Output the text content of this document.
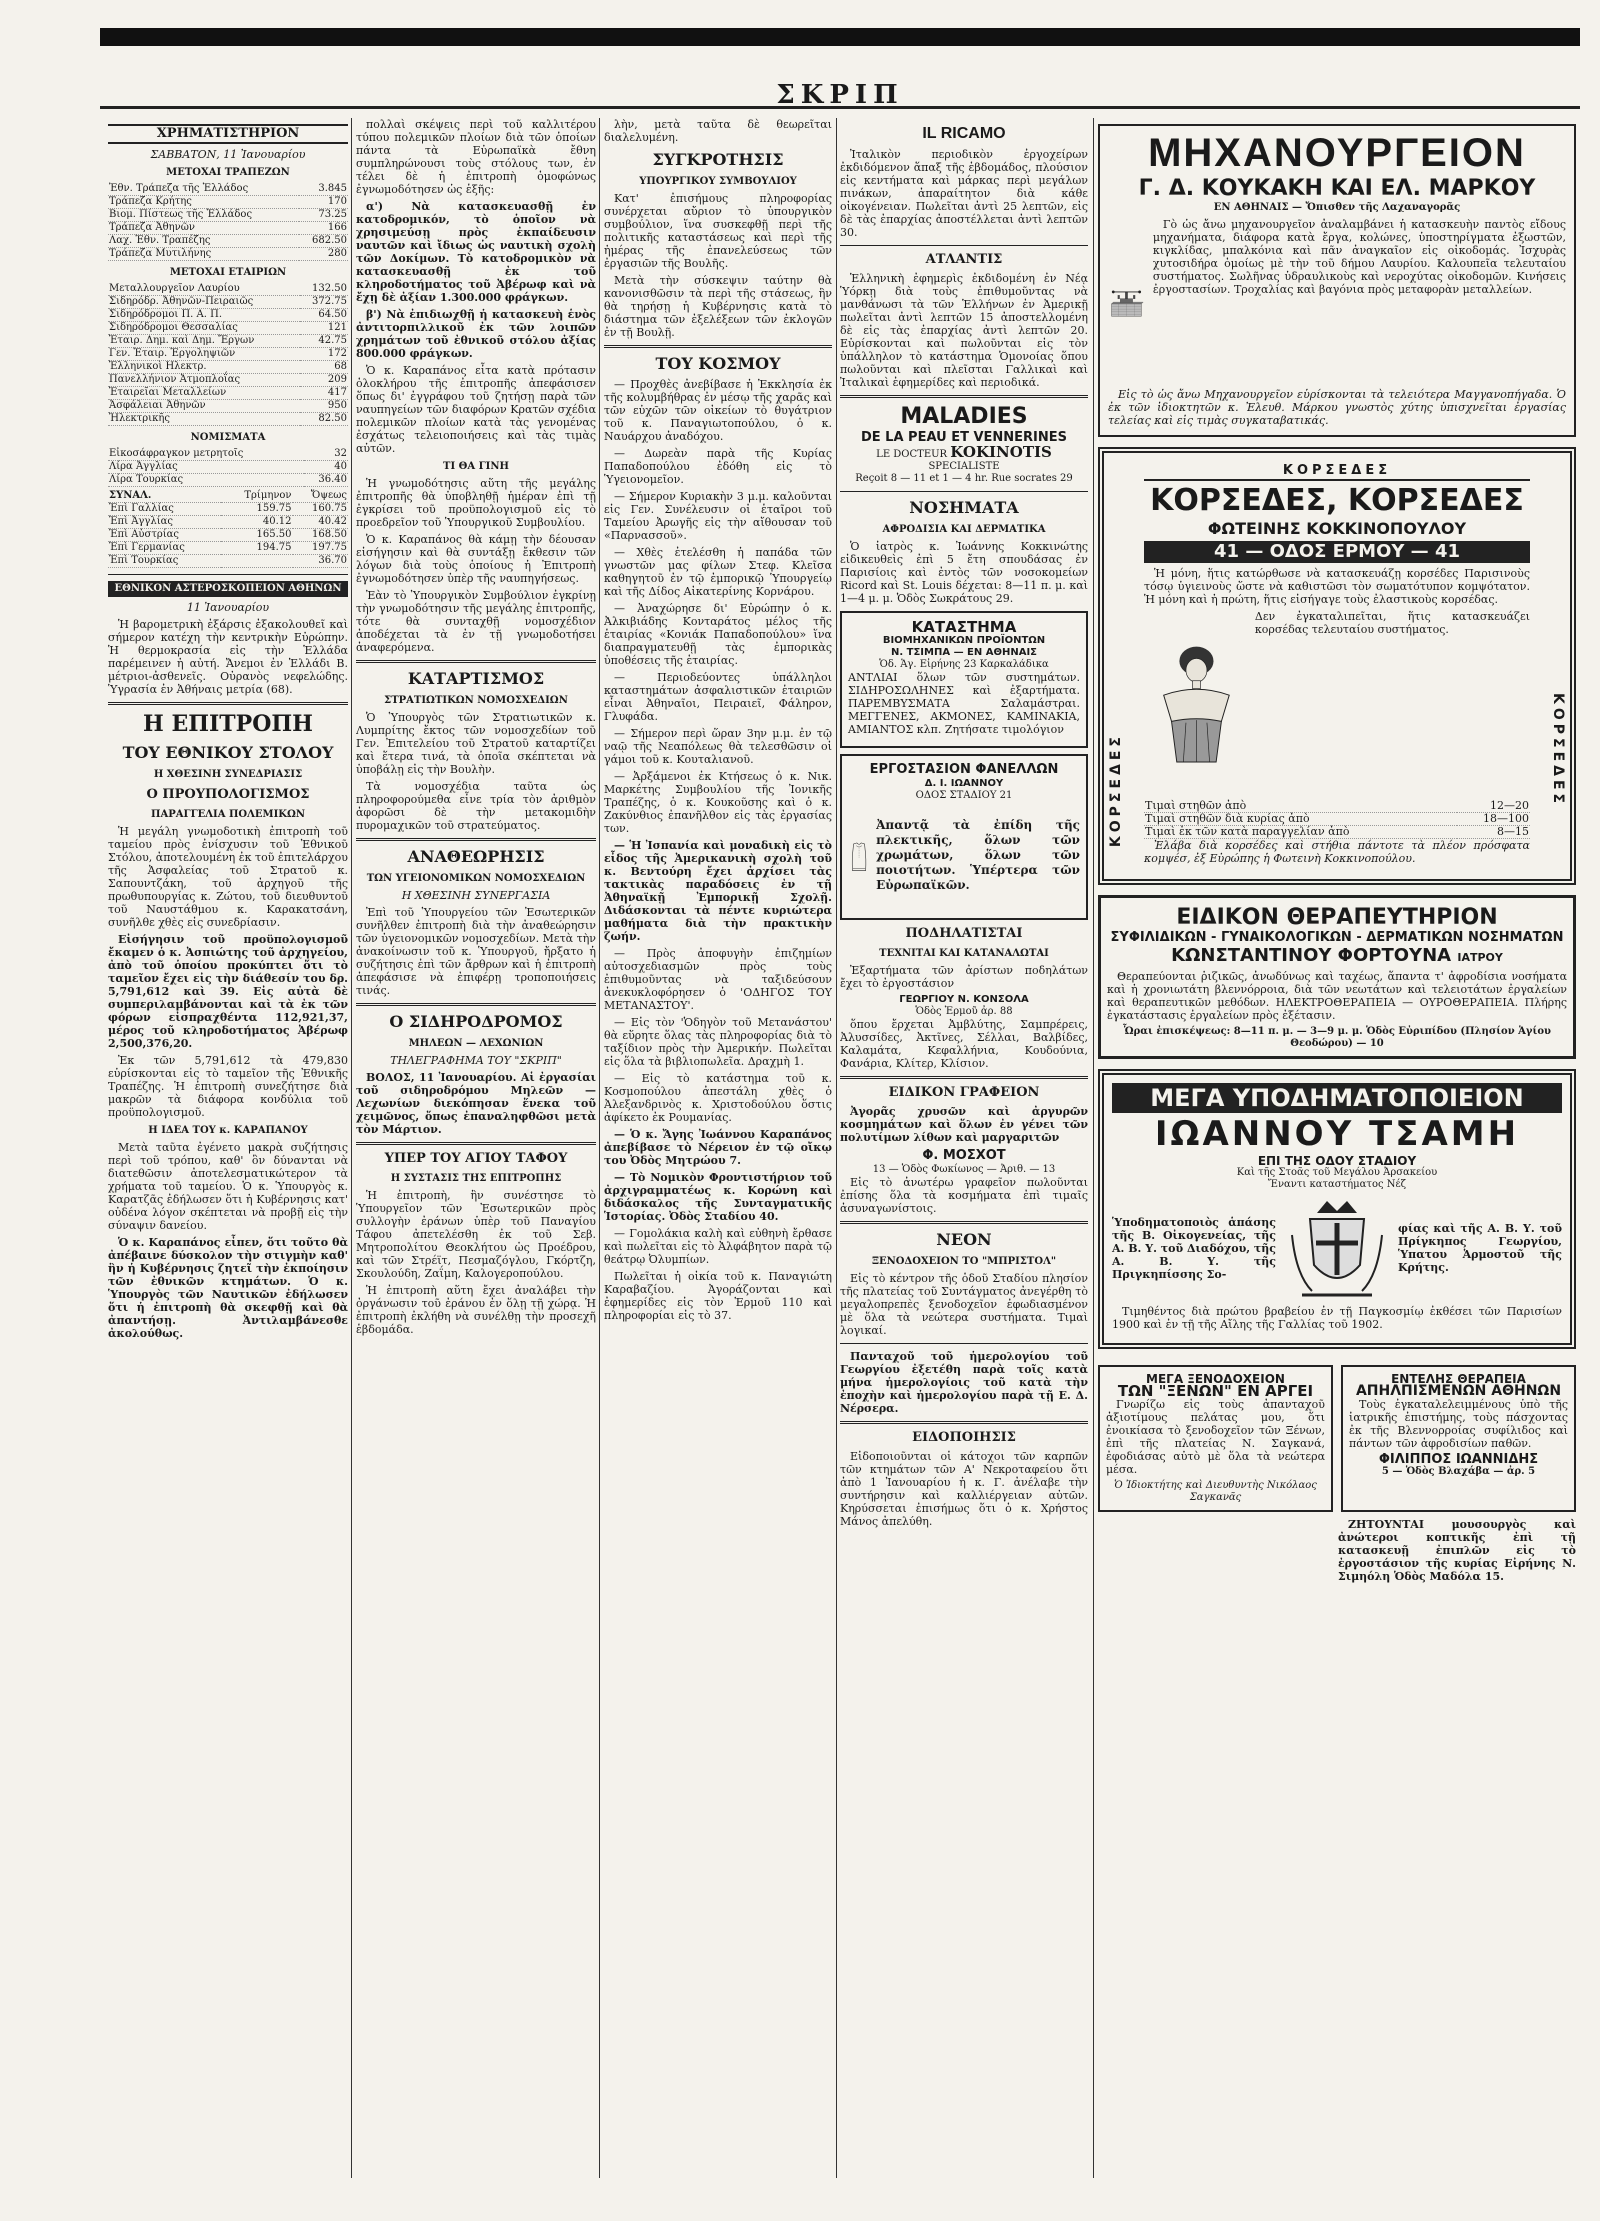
ΣΚΡΙΠ
ΧΡΗΜΑΤΙΣΤΗΡΙΟΝ
ΣΑΒΒΑΤΟΝ, 11 Ἰανουαρίου
ΜΕΤΟΧΑΙ ΤΡΑΠΕΖΩΝ
Ἐθν. Τράπεζα τῆς Ἑλλάδος	3.845
Τράπεζα Κρήτης	170
Βιομ. Πίστεως τῆς Ἑλλάδος	73.25
Τράπεζα Ἀθηνῶν	166
Λαχ. Ἐθν. Τραπέζης	682.50
Τράπεζα Μυτιλήνης	280
ΜΕΤΟΧΑΙ ΕΤΑΙΡΙΩΝ
Μεταλλουργεῖον Λαυρίου	132.50
Σιδηρόδρ. Ἀθηνῶν-Πειραιῶς	372.75
Σιδηρόδρομοι Π. Α. Π.	64.50
Σιδηρόδρομοι Θεσσαλίας	121
Ἑταιρ. Δημ. καὶ Δημ. Ἔργων	42.75
Γεν. Ἑταιρ. Ἐργοληψιῶν	172
Ἑλληνικοὶ Ηλεκτρ.	68
Πανελλήνιον Ἀτμοπλοΐας	209
Ἑταιρεῖαι Μεταλλείων	417
Ἀσφάλειαι Ἀθηνῶν	950
Ἠλεκτρικῆς	82.50
ΝΟΜΙΣΜΑΤΑ
Εἰκοσάφραγκον μετρητοῖς	32
Λίρα Ἀγγλίας	40
Λίρα Τουρκίας	36.40
ΣΥΝΑΛ.	Τρίμηνον	Ὄψεως
Ἐπὶ Γαλλίας	159.75	160.75
Ἐπὶ Ἀγγλίας	40.12	40.42
Ἐπὶ Αὐστρίας	165.50	168.50
Ἐπὶ Γερμανίας	194.75	197.75
Ἐπὶ Τουρκίας		36.70
ΕΘΝΙΚΟΝ ΑΣΤΕΡΟΣΚΟΠΕΙΟΝ ΑΘΗΝΩΝ
11 Ἰανουαρίου

Ἡ βαρομετρικὴ ἐξάρσις ἐξακολουθεῖ καὶ σήμερον κατέχη τὴν κεντρικὴν Εὐρώπην. Ἡ θερμοκρασία εἰς τὴν Ἑλλάδα παρέμεινεν ἡ αὐτή. Ἄνεμοι ἐν Ἑλλάδι Β. μέτριοι-ἀσθενεῖς. Οὐρανὸς νεφελώδης. Ὑγρασία ἐν Ἀθήναις μετρία (68).

Η ΕΠΙΤΡΟΠΗ
ΤΟΥ ΕΘΝΙΚΟΥ ΣΤΟΛΟΥ
Η ΧΘΕΣΙΝΗ ΣΥΝΕΔΡΙΑΣΙΣ
Ο ΠΡΟΥΠΟΛΟΓΙΣΜΟΣ
ΠΑΡΑΓΓΕΛΙΑ ΠΟΛΕΜΙΚΩΝ

Ἡ μεγάλη γνωμοδοτικὴ ἐπιτροπὴ τοῦ ταμείου πρὸς ἐνίσχυσιν τοῦ Ἐθνικοῦ Στόλου, ἀποτελουμένη ἐκ τοῦ ἐπιτελάρχου τῆς Ἀσφαλείας τοῦ Στρατοῦ κ. Σαπουντζάκη, τοῦ ἀρχηγοῦ τῆς πρωθυπουργίας κ. Ζώτου, τοῦ διευθυντοῦ τοῦ Ναυστάθμου κ. Καρακατσάνη, συνῆλθε χθὲς εἰς συνεδρίασιν.

Εἰσήγησιν τοῦ προϋπολογισμοῦ ἔκαμεν ὁ κ. Ἀσπιώτης τοῦ ἀρχηγείου, ἀπὸ τοῦ ὁποίου προκύπτει ὅτι τὸ ταμεῖον ἔχει εἰς τὴν διάθεσίν του δρ. 5,791,612 καὶ 39. Εἰς αὐτὰ δὲ συμπεριλαμβάνονται καὶ τὰ ἐκ τῶν φόρων εἰσπραχθέντα 112,921,37, μέρος τοῦ κληροδοτήματος Ἀβέρωφ 2,500,376,20.

Ἐκ τῶν 5,791,612 τὰ 479,830 εὑρίσκονται εἰς τὸ ταμεῖον τῆς Ἐθνικῆς Τραπέζης. Ἡ ἐπιτροπὴ συνεζήτησε διὰ μακρῶν τὰ διάφορα κονδύλια τοῦ προϋπολογισμοῦ.

Η ΙΔΕΑ ΤΟΥ κ. ΚΑΡΑΠΑΝΟΥ

Μετὰ ταῦτα ἐγένετο μακρὰ συζήτησις περὶ τοῦ τρόπου, καθ' ὃν δύνανται νὰ διατεθῶσιν ἀποτελεσματικώτερον τὰ χρήματα τοῦ ταμείου. Ὁ κ. Ὑπουργὸς κ. Καρατζᾶς ἐδήλωσεν ὅτι ἡ Κυβέρνησις κατ' οὐδένα λόγον σκέπτεται νὰ προβῇ εἰς τὴν σύναψιν δανείου.

Ὁ κ. Καραπάνος εἶπεν, ὅτι τοῦτο θὰ ἀπέβαινε δύσκολον τὴν στιγμὴν καθ' ἣν ἡ Κυβέρνησις ζητεῖ τὴν ἐκποίησιν τῶν ἐθνικῶν κτημάτων. Ὁ κ. Ὑπουργὸς τῶν Ναυτικῶν ἐδήλωσεν ὅτι ἡ ἐπιτροπὴ θὰ σκεφθῇ καὶ θὰ ἀπαντήσῃ. Ἀντιλαμβάνεσθε ἀκολούθως.

πολλαὶ σκέψεις περὶ τοῦ καλλιτέρου τύπου πολεμικῶν πλοίων διὰ τῶν ὁποίων πάντα τὰ Εὐρωπαϊκὰ ἔθνη συμπληρώνουσι τοὺς στόλους των, ἐν τέλει δὲ ἡ ἐπιτροπὴ ὁμοφώνως ἐγνωμοδότησεν ὡς ἑξῆς:

α') Νὰ κατασκευασθῇ ἐν κατοδρομικόν, τὸ ὁποῖον νὰ χρησιμεύσῃ πρὸς ἐκπαίδευσιν ναυτῶν καὶ ἴδιως ὡς ναυτικὴ σχολὴ τῶν Δοκίμων. Τὸ κατοδρομικὸν νὰ κατασκευασθῇ ἐκ τοῦ κληροδοτήματος τοῦ Ἀβέρωφ καὶ νὰ ἔχῃ δὲ ἀξίαν 1.300.000 φράγκων.

β') Νὰ ἐπιδιωχθῇ ἡ κατασκευὴ ἑνὸς ἀντιτορπιλλικοῦ ἐκ τῶν λοιπῶν χρημάτων τοῦ ἐθνικοῦ στόλου ἀξίας 800.000 φράγκων.

Ὁ κ. Καραπάνος εἶτα κατὰ πρότασιν ὁλοκλήρου τῆς ἐπιτροπῆς ἀπεφάσισεν ὅπως δι' ἐγγράφου τοῦ ζητήσῃ παρὰ τῶν ναυπηγείων τῶν διαφόρων Κρατῶν σχέδια πολεμικῶν πλοίων κατὰ τὰς γενομένας ἐσχάτως τελειοποιήσεις καὶ τὰς τιμὰς αὐτῶν.

ΤΙ ΘΑ ΓΙΝΗ

Ἡ γνωμοδότησις αὕτη τῆς μεγάλης ἐπιτροπῆς θὰ ὑποβληθῇ ἡμέραν ἐπὶ τῇ ἐγκρίσει τοῦ προϋπολογισμοῦ εἰς τὸ προεδρεῖον τοῦ Ὑπουργικοῦ Συμβουλίου.

Ὁ κ. Καραπάνος θὰ κάμῃ τὴν δέουσαν εἰσήγησιν καὶ θὰ συντάξῃ ἔκθεσιν τῶν λόγων διὰ τοὺς ὁποίους ἡ Ἐπιτροπὴ ἐγνωμοδότησεν ὑπὲρ τῆς ναυπηγήσεως.

Ἐὰν τὸ Ὑπουργικὸν Συμβούλιον ἐγκρίνῃ τὴν γνωμοδότησιν τῆς μεγάλης ἐπιτροπῆς, τότε θὰ συνταχθῇ νομοσχέδιον ἀποδέχεται τὰ ἐν τῇ γνωμοδοτήσει ἀναφερόμενα.

ΚΑΤΑΡΤΙΣΜΟΣ
ΣΤΡΑΤΙΩΤΙΚΩΝ ΝΟΜΟΣΧΕΔΙΩΝ

Ὁ Ὑπουργὸς τῶν Στρατιωτικῶν κ. Λυμπρίτης ἔκτος τῶν νομοσχεδίων τοῦ Γεν. Ἐπιτελείου τοῦ Στρατοῦ καταρτίζει καὶ ἕτερα τινά, τὰ ὁποῖα σκέπτεται νὰ ὑποβάλῃ εἰς τὴν Βουλὴν.

Τὰ νομοσχέδια ταῦτα ὡς πληροφορούμεθα εἶνε τρία τὸν ἀριθμὸν ἀφορῶσι δὲ τὴν μετακομιδὴν πυρομαχικῶν τοῦ στρατεύματος.

ΑΝΑΘΕΩΡΗΣΙΣ
ΤΩΝ ΥΓΕΙΟΝΟΜΙΚΩΝ ΝΟΜΟΣΧΕΔΙΩΝ
Η ΧΘΕΣΙΝΗ ΣΥΝΕΡΓΑΣΙΑ

Ἐπὶ τοῦ Ὑπουργείου τῶν Ἐσωτερικῶν συνῆλθεν ἐπιτροπὴ διὰ τὴν ἀναθεώρησιν τῶν ὑγειονομικῶν νομοσχεδίων. Μετὰ τὴν ἀνακοίνωσιν τοῦ κ. Ὑπουργοῦ, ἤρξατο ἡ συζήτησις ἐπὶ τῶν ἄρθρων καὶ ἡ ἐπιτροπὴ ἀπεφάσισε νὰ ἐπιφέρῃ τροποποιήσεις τινάς.

Ο ΣΙΔΗΡΟΔΡΟΜΟΣ
ΜΗΛΕΩΝ — ΛΕΧΩΝΙΩΝ
ΤΗΛΕΓΡΑΦΗΜΑ ΤΟΥ "ΣΚΡΙΠ"

ΒΟΛΟΣ, 11 Ἰανουαρίου. Αἱ ἐργασίαι τοῦ σιδηροδρόμου Μηλεῶν — Λεχωνίων διεκόπησαν ἕνεκα τοῦ χειμῶνος, ὅπως ἐπαναληφθῶσι μετὰ τὸν Μάρτιον.

ΥΠΕΡ ΤΟΥ ΑΓΙΟΥ ΤΑΦΟΥ
Η ΣΥΣΤΑΣΙΣ ΤΗΣ ΕΠΙΤΡΟΠΗΣ

Ἡ ἐπιτροπὴ, ἣν συνέστησε τὸ Ὑπουργεῖον τῶν Ἐσωτερικῶν πρὸς συλλογὴν ἐράνων ὑπὲρ τοῦ Παναγίου Τάφου ἀπετελέσθη ἐκ τοῦ Σεβ. Μητροπολίτου Θεοκλήτου ὡς Προέδρου, καὶ τῶν Στρέϊτ, Πεσμαζόγλου, Γκόρτζη, Σκουλούδη, Ζαΐμη, Καλογεροπούλου.

Ἡ ἐπιτροπὴ αὕτη ἔχει ἀναλάβει τὴν ὀργάνωσιν τοῦ ἐράνου ἐν ὅλῃ τῇ χώρᾳ. Ἡ ἐπιτροπὴ ἐκλήθη νὰ συνέλθῃ τὴν προσεχῆ ἑβδομάδα.

λὴν, μετὰ ταῦτα δὲ θεωρεῖται διαλελυμένη.

ΣΥΓΚΡΟΤΗΣΙΣ
ΥΠΟΥΡΓΙΚΟΥ ΣΥΜΒΟΥΛΙΟΥ

Κατ' ἐπισήμους πληροφορίας συνέρχεται αὔριον τὸ ὑπουργικὸν συμβούλιον, ἵνα συσκεφθῇ περὶ τῆς πολιτικῆς καταστάσεως καὶ περὶ τῆς ἡμέρας τῆς ἐπανελεύσεως τῶν ἐργασιῶν τῆς Βουλῆς.

Μετὰ τὴν σύσκεψιν ταύτην θὰ κανονισθῶσιν τὰ περὶ τῆς στάσεως, ἣν θὰ τηρήσῃ ἡ Κυβέρνησις κατὰ τὸ διάστημα τῶν ἐξελέξεων τῶν ἐκλογῶν ἐν τῇ Βουλῇ.

ΤΟΥ ΚΟΣΜΟΥ

— Προχθὲς ἀνεβίβασε ἡ Ἐκκλησία ἐκ τῆς κολυμβήθρας ἐν μέσῳ τῆς χαρᾶς καὶ τῶν εὐχῶν τῶν οἰκείων τὸ θυγάτριον τοῦ κ. Παναγιωτοπούλου, ὁ κ. Ναυάρχου ἀναδόχου.

— Δωρεὰν παρὰ τῆς Κυρίας Παπαδοπούλου ἐδόθη εἰς τὸ Ὑγειονομεῖον.

— Σήμερον Κυριακὴν 3 μ.μ. καλοῦνται εἰς Γεν. Συνέλευσιν οἱ ἑταῖροι τοῦ Ταμείου Ἀρωγῆς εἰς τὴν αἴθουσαν τοῦ «Παρνασσοῦ».

— Χθὲς ἐτελέσθη ἡ παπάδα τῶν γνωστῶν μας φίλων Στεφ. Κλεῖσα καθηγητοῦ ἐν τῷ ἐμπορικῷ Ὑπουργείῳ καὶ τῆς Δίδος Αἰκατερίνης Κορνάρου.

— Ἀναχώρησε δι' Εὐρώπην ὁ κ. Ἀλκιβιάδης Κονταράτος μέλος τῆς ἑταιρίας «Κονιάκ Παπαδοπούλου» ἵνα διαπραγματευθῇ τὰς ἐμπορικὰς ὑποθέσεις τῆς ἑταιρίας.

— Περιοδεύοντες ὑπάλληλοι καταστημάτων ἀσφαλιστικῶν ἑταιριῶν εἶναι Ἀθηναῖοι, Πειραιεῖ, Φάληρον, Γλυφάδα.

— Σήμερον περὶ ὥραν 3ην μ.μ. ἐν τῷ ναῷ τῆς Νεαπόλεως θὰ τελεσθῶσιν οἱ γάμοι τοῦ κ. Κουταλιανοῦ.

— Ἀρξάμενοι ἐκ Κτήσεως ὁ κ. Νικ. Μαρκέτης Συμβουλίου τῆς Ἰονικῆς Τραπέζης, ὁ κ. Κουκοῦσης καὶ ὁ κ. Ζακύνθιος ἐπανῆλθον εἰς τὰς ἐργασίας των.

— Ἡ Ἰσπανία καὶ μοναδικὴ εἰς τὸ εἶδος τῆς Ἀμερικανικὴ σχολὴ τοῦ κ. Βεντούρη ἔχει ἀρχίσει τὰς τακτικὰς παραδόσεις ἐν τῇ Ἀθηναϊκῇ Ἐμπορικῇ Σχολῇ. Διδάσκονται τὰ πέντε κυριώτερα μαθήματα διὰ τὴν πρακτικὴν ζωήν.

— Πρὸς ἀποφυγὴν ἐπιζημίων αὐτοσχεδιασμῶν πρὸς τοὺς ἐπιθυμοῦντας νὰ ταξιδεύσουν ἀνεκυκλοφόρησεν ὁ 'ΟΔΗΓΟΣ ΤΟΥ ΜΕΤΑΝΑΣΤΟΥ'.

— Εἰς τὸν 'Ὁδηγὸν τοῦ Μετανάστου' θὰ εὕρητε ὅλας τὰς πληροφορίας διὰ τὸ ταξίδιον πρὸς τὴν Ἀμερικήν. Πωλεῖται εἰς ὅλα τὰ βιβλιοπωλεῖα. Δραχμὴ 1.

— Εἰς τὸ κατάστημα τοῦ κ. Κοσμοπούλου ἀπεστάλη χθὲς ὁ Ἀλεξανδρινὸς κ. Χριστοδούλου ὅστις ἀφίκετο ἐκ Ρουμανίας.

— Ὁ κ. Ἄγης Ἰωάννου Καραπάνος ἀπεβίβασε τὸ Νέρειον ἐν τῷ οἴκῳ του Ὀδὸς Μητρώου 7.

— Τὸ Νομικὸν Φροντιστήριον τοῦ ἀρχιγραμματέως κ. Κορώνη καὶ διδάσκαλος τῆς Συνταγματικῆς Ἱστορίας. Ὀδὸς Σταδίου 40.

— Γομολάκια καλὴ καὶ εὐθηνὴ ἔρθασε καὶ πωλεῖται εἰς τὸ Ἀλφάβητον παρὰ τῷ θεάτρῳ Ὀλυμπίων.

Πωλεῖται ἡ οἰκία τοῦ κ. Παναγιώτη Καραβαζίου. Ἀγοράζονται καὶ ἐφημερίδες εἰς τὸν Ἑρμοῦ 110 καὶ πληροφορίαι εἰς τὸ 37.

IL RICAMO

Ἰταλικὸν περιοδικὸν ἐργοχείρων ἐκδιδόμενον ἅπαξ τῆς ἑβδομάδος, πλούσιον εἰς κεντήματα καὶ μάρκας περὶ μεγάλων πινάκων, ἀπαραίτητον διὰ κάθε οἰκογένειαν. Πωλεῖται ἀντὶ 25 λεπτῶν, εἰς δὲ τὰς ἐπαρχίας ἀποστέλλεται ἀντὶ λεπτῶν 30.

ΑΤΛΑΝΤΙΣ

Ἑλληνικὴ ἐφημερὶς ἐκδιδομένη ἐν Νέᾳ Ὑόρκῃ διὰ τοὺς ἐπιθυμοῦντας νὰ μανθάνωσι τὰ τῶν Ἑλλήνων ἐν Ἀμερικῇ πωλεῖται ἀντὶ λεπτῶν 15 ἀποστελλομένη δὲ εἰς τὰς ἐπαρχίας ἀντὶ λεπτῶν 20. Εὑρίσκονται καὶ πωλοῦνται εἰς τὸν ὑπάλληλον τὸ κατάστημα Ὁμονοίας ὅπου πωλοῦνται καὶ πλεῖσται Γαλλικαὶ καὶ Ἰταλικαὶ ἐφημερίδες καὶ περιοδικά.

MALADIES
DE LA PEAU ET VENNERINES
LE DOCTEUR KOKINOTIS SPECIALISTE
Reçoit 8 — 11 et 1 — 4 hr. Rue socrates 29
ΝΟΣΗΜΑΤΑ
ΑΦΡΟΔΙΣΙΑ ΚΑΙ ΔΕΡΜΑΤΙΚΑ

Ὁ ἰατρὸς κ. Ἰωάννης Κοκκινώτης εἰδικευθεὶς ἐπὶ 5 ἔτη σπουδάσας ἐν Παρισίοις καὶ ἐντὸς τῶν νοσοκομείων Ricord καὶ St. Louis δέχεται: 8—11 π. μ. καὶ 1—4 μ. μ. Ὁδὸς Σωκράτους 29.

ΚΑΤΑΣΤΗΜΑ
ΒΙΟΜΗΧΑΝΙΚΩΝ ΠΡΟΪΟΝΤΩΝ
Ν. ΤΣΙΜΠΑ — ΕΝ ΑΘΗΝΑΙΣ
Ὁδ. Ἁγ. Εἰρήνης 23 Καρκαλάδικα

ΑΝΤΛΙΑΙ ὅλων τῶν συστημάτων. ΣΙΔΗΡΟΣΩΛΗΝΕΣ καὶ ἐξαρτήματα. ΠΑΡΕΜΒΥΣΜΑΤΑ Σαλαμάστραι. ΜΕΓΓΕΝΕΣ, ΑΚΜΟΝΕΣ, ΚΑΜΙΝΑΚΙΑ, ΑΜΙΑΝΤΟΣ κλπ. Ζητήσατε τιμολόγιον

ΕΡΓΟΣΤΑΣΙΟΝ ΦΑΝΕΛΛΩΝ
Δ. Ι. ΙΩΑΝΝΟΥ
ΟΔΟΣ ΣΤΑΔΙΟΥ 21

Ἀπαντᾷ τὰ ἐπίδη τῆς πλεκτικῆς, ὅλων τῶν χρωμάτων, ὅλων τῶν ποιοτήτων. Ὑπέρτερα τῶν Εὐρωπαϊκῶν.

ΠΟΔΗΛΑΤΙΣΤΑΙ
ΤΕΧΝΙΤΑΙ ΚΑΙ ΚΑΤΑΝΑΛΩΤΑΙ

Ἐξαρτήματα τῶν ἀρίστων ποδηλάτων ἔχει τὸ ἐργοστάσιον

ΓΕΩΡΓΙΟΥ Ν. ΚΟΝΣΟΛΑ
Ὁδὸς Ἑρμοῦ ἀρ. 88

ὅπου ἔρχεται Ἀμβλύτης, Σαμπρέρεις, Ἀλυσσίδες, Ἀκτῖνες, Σέλλαι, Βαλβίδες, Καλαμάτα, Κεφαλλήνια, Κουδούνια, Φανάρια, Κλίτερ, Κλίσιον.

ΕΙΔΙΚΟΝ ΓΡΑΦΕΙΟΝ

Ἀγορᾶς χρυσῶν καὶ ἀργυρῶν κοσμημάτων καὶ ὅλων ἐν γένει τῶν πολυτίμων λίθων καὶ μαργαριτῶν

Φ. ΜΟΣΧΟΤ
13 — Ὁδὸς Φωκίωνος — Ἀριθ. — 13

Εἰς τὸ ἀνωτέρω γραφεῖον πωλοῦνται ἐπίσης ὅλα τὰ κοσμήματα ἐπὶ τιμαῖς ἀσυναγωνίστοις.

ΝΕΟΝ
ΞΕΝΟΔΟΧΕΙΟΝ ΤΟ "ΜΠΡΙΣΤΟΛ"

Εἰς τὸ κέντρον τῆς ὁδοῦ Σταδίου πλησίον τῆς πλατείας τοῦ Συντάγματος ἀνεγέρθη τὸ μεγαλοπρεπὲς ξενοδοχεῖον ἐφωδιασμένον μὲ ὅλα τὰ νεώτερα συστήματα. Τιμαὶ λογικαί.

Πανταχοῦ τοῦ ἡμερολογίου τοῦ Γεωργίου ἐξετέθη παρὰ τοῖς κατὰ μήνα ἡμερολογίοις τοῦ κατὰ τὴν ἐποχὴν καὶ ἡμερολογίου παρὰ τῇ Ε. Δ. Νέρσερα.

ΕΙΔΟΠΟΙΗΣΙΣ

Εἰδοποιοῦνται οἱ κάτοχοι τῶν καρπῶν τῶν κτημάτων τῶν Α' Νεκροταφείου ὅτι ἀπὸ 1 Ἰανουαρίου ἡ κ. Γ. ἀνέλαβε τὴν συντήρησιν καὶ καλλιέργειαν αὐτῶν. Κηρύσσεται ἐπισήμως ὅτι ὁ κ. Χρήστος Μάνος ἀπελύθη.

ΜΗΧΑΝΟΥΡΓΕΙΟΝ
Γ. Δ. ΚΟΥΚΑΚΗ ΚΑΙ ΕΛ. ΜΑΡΚΟΥ
ΕΝ ΑΘΗΝΑΙΣ — Ὄπισθεν τῆς Λαχαναγορᾶς

Γὸ ὡς ἄνω μηχανουργεῖον ἀναλαμβάνει ἡ κατασκευὴν παντὸς εἴδους μηχανήματα, διάφορα κατὰ ἔργα, κολώνες, ὑποστηρίγματα ἐξωστῶν, κιγκλίδας, μπαλκόνια καὶ πᾶν ἀναγκαῖον εἰς οἰκοδομάς. Ἰσχυρὰς χυτοσιδήρα ὁμοίως μὲ τὴν τοῦ δήμου Λαυρίου. Καλουπεῖα τελευταίου συστήματος. Σωλῆνας ὑδραυλικοὺς καὶ νεροχύτας οἰκοδομῶν. Κινήσεις ἐργοστασίων. Τροχαλίας καὶ βαγόνια πρὸς μεταφορὰν μεταλλείων.

Εἰς τὸ ὡς ἄνω Μηχανουργεῖον εὑρίσκονται τὰ τελειότερα Μαγγανοπήγαδα. Ὁ ἐκ τῶν ἰδιοκτητῶν κ. Ἐλευθ. Μάρκου γνωστὸς χύτης ὑπισχνεῖται ἐργασίας τελείας καὶ εἰς τιμὰς συγκαταβατικάς.

ΚΟΡΣΕΔΕΣ
ΚΟΡΣΕΔΕΣ, ΚΟΡΣΕΔΕΣ
ΦΩΤΕΙΝΗΣ ΚΟΚΚΙΝΟΠΟΥΛΟΥ
41 — ΟΔΟΣ ΕΡΜΟΥ — 41

Ἡ μόνη, ἥτις κατώρθωσε νὰ κατασκευάζῃ κορσέδες Παρισινοὺς τόσῳ ὑγιεινοὺς ὥστε νὰ καθιστῶσι τὸν σωματότυπον κομψότατον. Ἡ μόνη καὶ ἡ πρώτη, ἥτις εἰσήγαγε τοὺς ἐλαστικοὺς κορσέδας.

Δεν ἐγκαταλιπεῖται, ἥτις κατασκευάζει κορσέδας τελευταίου συστήματος.

Τιμαὶ στηθῶν ἀπὸ	12—20
Τιμαὶ στηθῶν διὰ κυρίας ἀπὸ	18—100
Τιμαὶ ἐκ τῶν κατὰ παραγγελίαν ἀπὸ	8—15

Ἐλάβα διὰ κορσέδες καὶ στήθια πάντοτε τὰ πλέον πρόσφατα κομψέσ, ἐξ Εὐρώπης ἡ Φωτεινὴ Κοκκινοπούλου.

ΚΟΡΣΕΔΕΣ	ΚΟΡΣΕΔΕΣ
ΕΙΔΙΚΟΝ ΘΕΡΑΠΕΥΤΗΡΙΟΝ
ΣΥΦΙΛΙΔΙΚΩΝ - ΓΥΝΑΙΚΟΛΟΓΙΚΩΝ - ΔΕΡΜΑΤΙΚΩΝ ΝΟΣΗΜΑΤΩΝ
ΚΩΝΣΤΑΝΤΙΝΟΥ ΦΟΡΤΟΥΝΑ ΙΑΤΡΟΥ

Θεραπεύονται ῥιζικῶς, ἀνωδύνως καὶ ταχέως, ἅπαντα τ' ἀφροδίσια νοσήματα καὶ ἡ χρονιωτάτη βλεννόρροια, διὰ τῶν νεωτάτων καὶ τελειοτάτων ἐργαλείων καὶ θεραπευτικῶν μεθόδων. ΗΛΕΚΤΡΟΘΕΡΑΠΕΙΑ — ΟΥΡΟΘΕΡΑΠΕΙΑ. Πλήρης ἐγκατάστασις ἐργαλείων πρὸς ἐξέτασιν.

Ὧραι ἐπισκέψεως: 8—11 π. μ. — 3—9 μ. μ. Ὁδὸς Εὐριπίδου (Πλησίον Ἁγίου Θεοδώρου) — 10
ΜΕΓΑ ΥΠΟΔΗΜΑΤΟΠΟΙΕΙΟΝ
ΙΩΑΝΝΟΥ ΤΣΑΜΗ
ΕΠΙ ΤΗΣ ΟΔΟΥ ΣΤΑΔΙΟΥ
Καὶ τῆς Στοᾶς τοῦ Μεγάλου Ἀρσακείου
Ἔναντι καταστήματος Νέζ

Ὑποδηματοποιὸς ἁπάσης τῆς Β. Οἰκογενείας, τῆς Α. Β. Υ. τοῦ Διαδόχου, τῆς Α. Β. Υ. τῆς Πριγκηπίσσης Σο-

φίας καὶ τῆς Α. Β. Υ. τοῦ Πρίγκηπος Γεωργίου, Ὑπατου Ἁρμοστοῦ τῆς Κρήτης.

Τιμηθέντος διὰ πρώτου βραβείου ἐν τῇ Παγκοσμίῳ ἐκθέσει τῶν Παρισίων 1900 καὶ ἐν τῇ τῆς Αἴλης τῆς Γαλλίας τοῦ 1902.

ΜΕΓΑ ΞΕΝΟΔΟΧΕΙΟΝ
ΤΩΝ "ΞΕΝΩΝ" ΕΝ ΑΡΓΕΙ

Γνωρίζω εἰς τοὺς ἀπανταχοῦ ἀξιοτίμους πελάτας μου, ὅτι ἐνοικίασα τὸ ξενοδοχεῖον τῶν Ξένων, ἐπὶ τῆς πλατείας Ν. Σαγκανά, ἐφοδιάσας αὐτὸ μὲ ὅλα τὰ νεώτερα μέσα.

Ὁ Ἰδιοκτήτης καὶ Διευθυντὴς Νικόλαος Σαγκανᾶς
ΕΝΤΕΛΗΣ ΘΕΡΑΠΕΙΑ
ΑΠΗΛΠΙΣΜΕΝΩΝ ΑΘΗΝΩΝ

Τοὺς ἐγκαταλελειμμένους ὑπὸ τῆς ἰατρικῆς ἐπιστήμης, τοὺς πάσχοντας ἐκ τῆς Βλεννορροίας συφίλιδος καὶ πάντων τῶν ἀφροδισίων παθῶν.

ΦΙΛΙΠΠΟΣ ΙΩΑΝΝΙΔΗΣ
5 — Ὁδὸς Βλαχάβα — ἀρ. 5

ΖΗΤΟΥΝΤΑΙ μουσουργὸς καὶ ἀνώτεροι κοπτικῆς ἐπὶ τῇ κατασκευῇ ἐπιπλῶν εἰς τὸ ἐργοστάσιον τῆς κυρίας Εἰρήνης Ν. Σιμηόλη Ὁδὸς Μαδόλα 15.
